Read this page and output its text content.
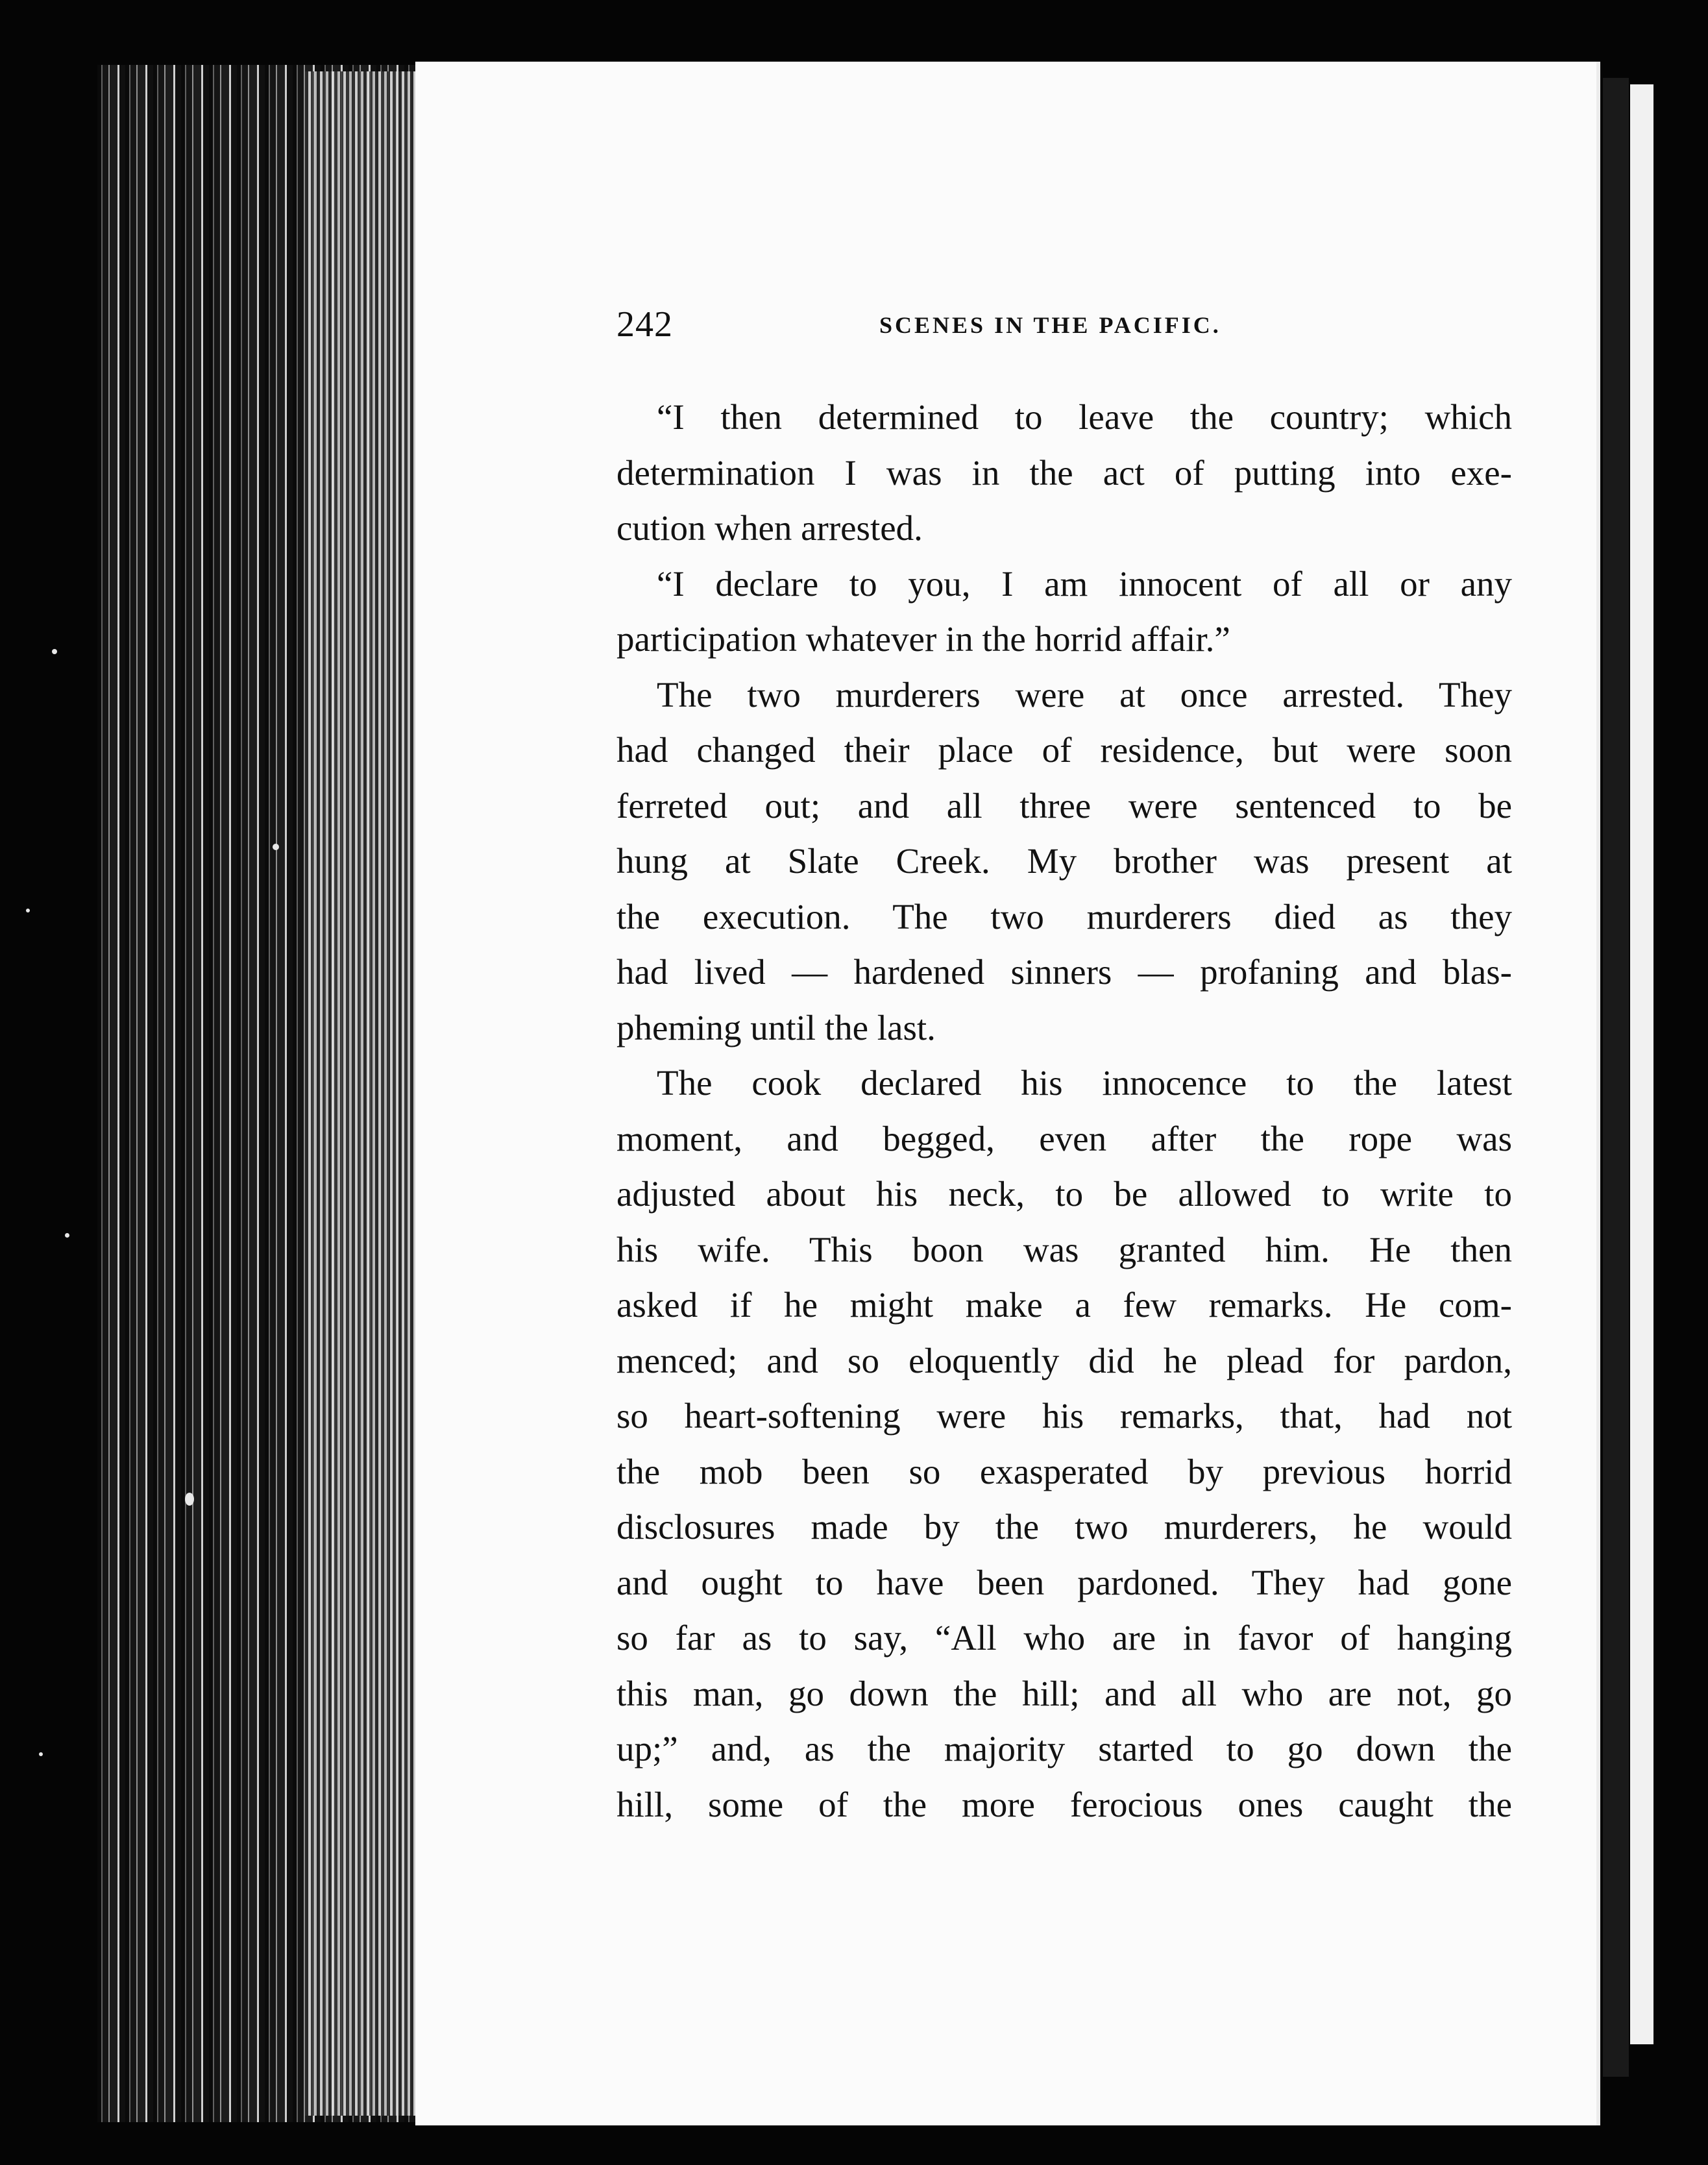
242	SCENES IN THE PACIFIC.
“I then determined to leave the country; which
determination I was in the act of putting into exe-
cution when arrested.
“I declare to you, I am innocent of all or any
participation whatever in the horrid affair.”
The two murderers were at once arrested. They
had changed their place of residence, but were soon
ferreted out; and all three were sentenced to be
hung at Slate Creek. My brother was present at
the execution. The two murderers died as they
had lived — hardened sinners — profaning and blas-
pheming until the last.
The cook declared his innocence to the latest
moment, and begged, even after the rope was
adjusted about his neck, to be allowed to write to
his wife. This boon was granted him. He then
asked if he might make a few remarks. He com-
menced; and so eloquently did he plead for pardon,
so heart-softening were his remarks, that, had not
the mob been so exasperated by previous horrid
disclosures made by the two murderers, he would
and ought to have been pardoned. They had gone
so far as to say, “All who are in favor of hanging
this man, go down the hill; and all who are not, go
up;” and, as the majority started to go down the
hill, some of the more ferocious ones caught the
